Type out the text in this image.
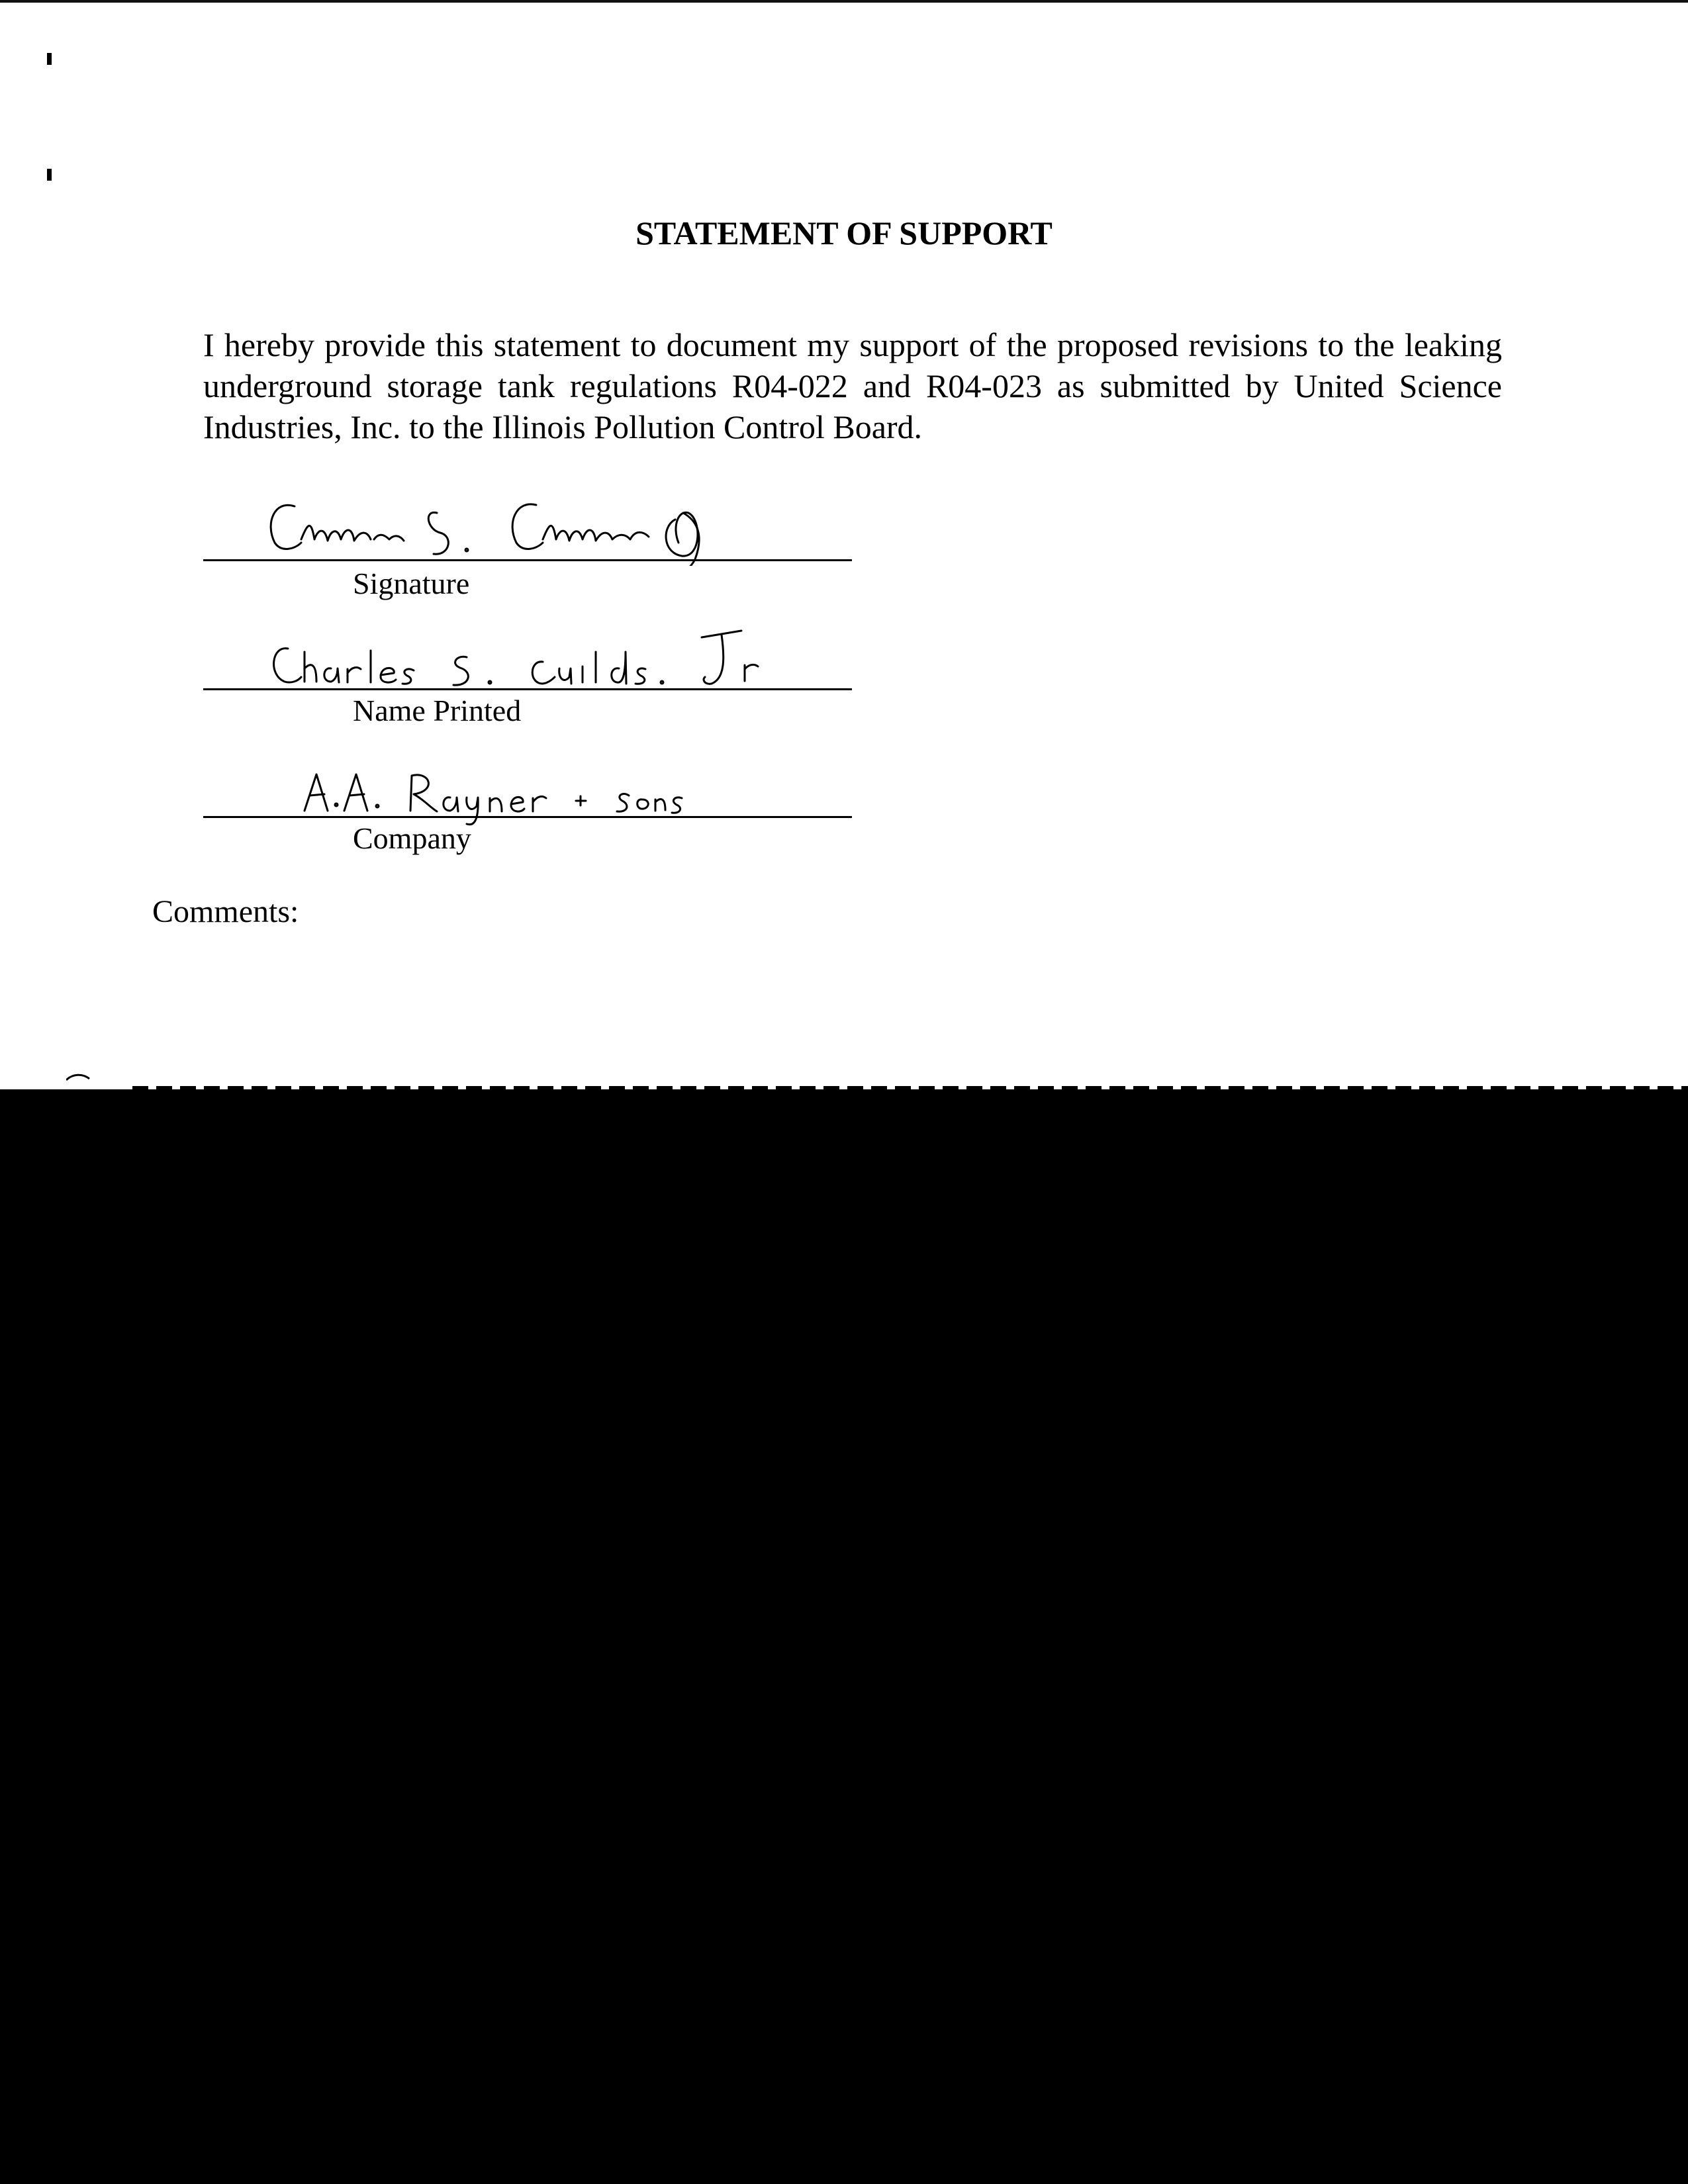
STATEMENT OF SUPPORT
I hereby provide this statement to document my support of the proposed revisions to the leaking
underground storage tank regulations R04-022 and R04-023 as submitted by United Science
Industries, Inc. to the Illinois Pollution Control Board.
Charles S. Childs Jr
Signature
Charles S. Childs, Jr
Name Printed
A.A. Rayner + Sons
Company
Comments:
